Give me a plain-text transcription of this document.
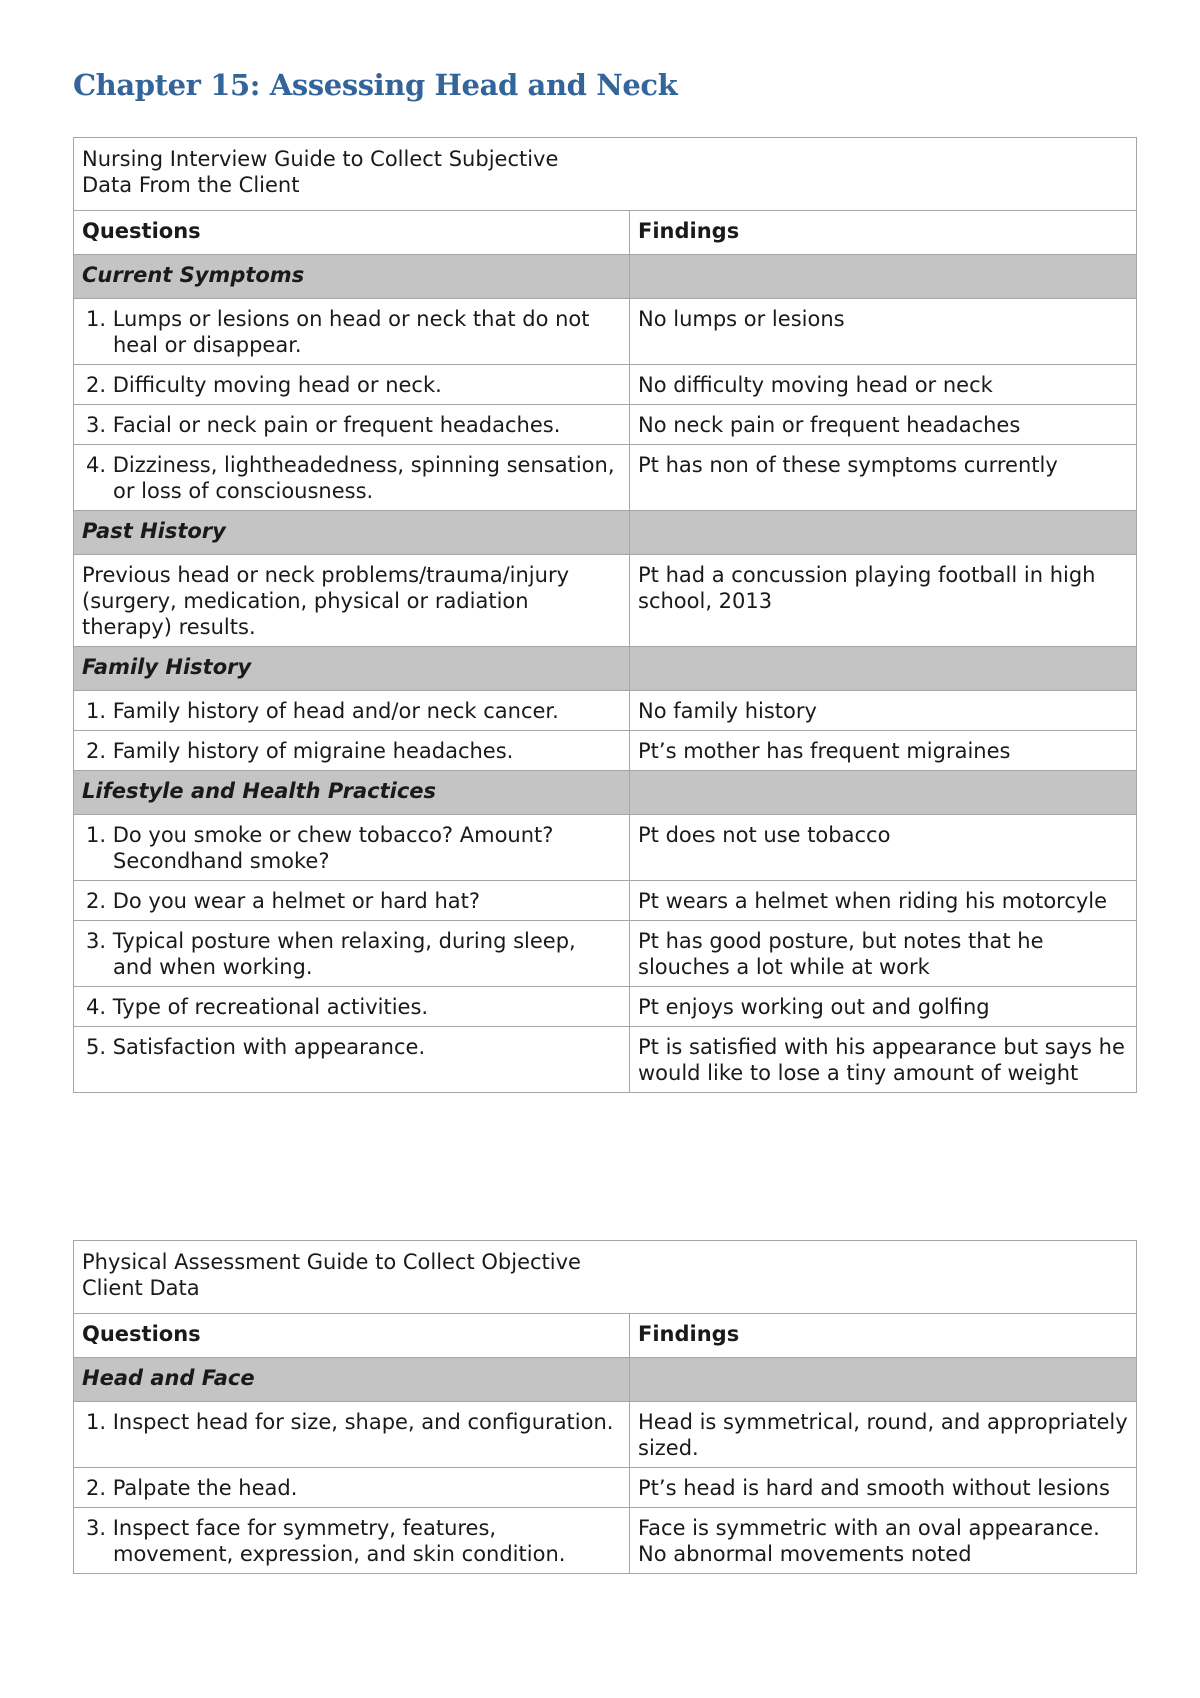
Chapter 15: Assessing Head and Neck
Nursing Interview Guide to Collect Subjective
Data From the Client	
Questions	Findings
Current Symptoms	

1. Lumps or lesions on head or neck that do not heal or disappear.	No lumps or lesions

2. Difficulty moving head or neck.	No difficulty moving head or neck

3. Facial or neck pain or frequent headaches.	No neck pain or frequent headaches

4. Dizziness, lightheadedness, spinning sensation, or loss of consciousness.	Pt has non of these symptoms currently
Past History	
Previous head or neck problems/trauma/injury (surgery, medication, physical or radiation therapy) results.	Pt had a concussion playing football in high school, 2013
Family History	

1. Family history of head and/or neck cancer.	No family history

2. Family history of migraine headaches.	Pt’s mother has frequent migraines
Lifestyle and Health Practices	

1. Do you smoke or chew tobacco? Amount? Secondhand smoke?	Pt does not use tobacco

2. Do you wear a helmet or hard hat?	Pt wears a helmet when riding his motorcyle

3. Typical posture when relaxing, during sleep, and when working.	Pt has good posture, but notes that he slouches a lot while at work

4. Type of recreational activities.	Pt enjoys working out and golfing

5. Satisfaction with appearance.	Pt is satisfied with his appearance but says he would like to lose a tiny amount of weight
Physical Assessment Guide to Collect Objective
Client Data	
Questions	Findings
Head and Face	

1. Inspect head for size, shape, and configuration.	Head is symmetrical, round, and appropriately sized.

2. Palpate the head.	Pt’s head is hard and smooth without lesions

3. Inspect face for symmetry, features, movement, expression, and skin condition.	Face is symmetric with an oval appearance. No abnormal movements noted
